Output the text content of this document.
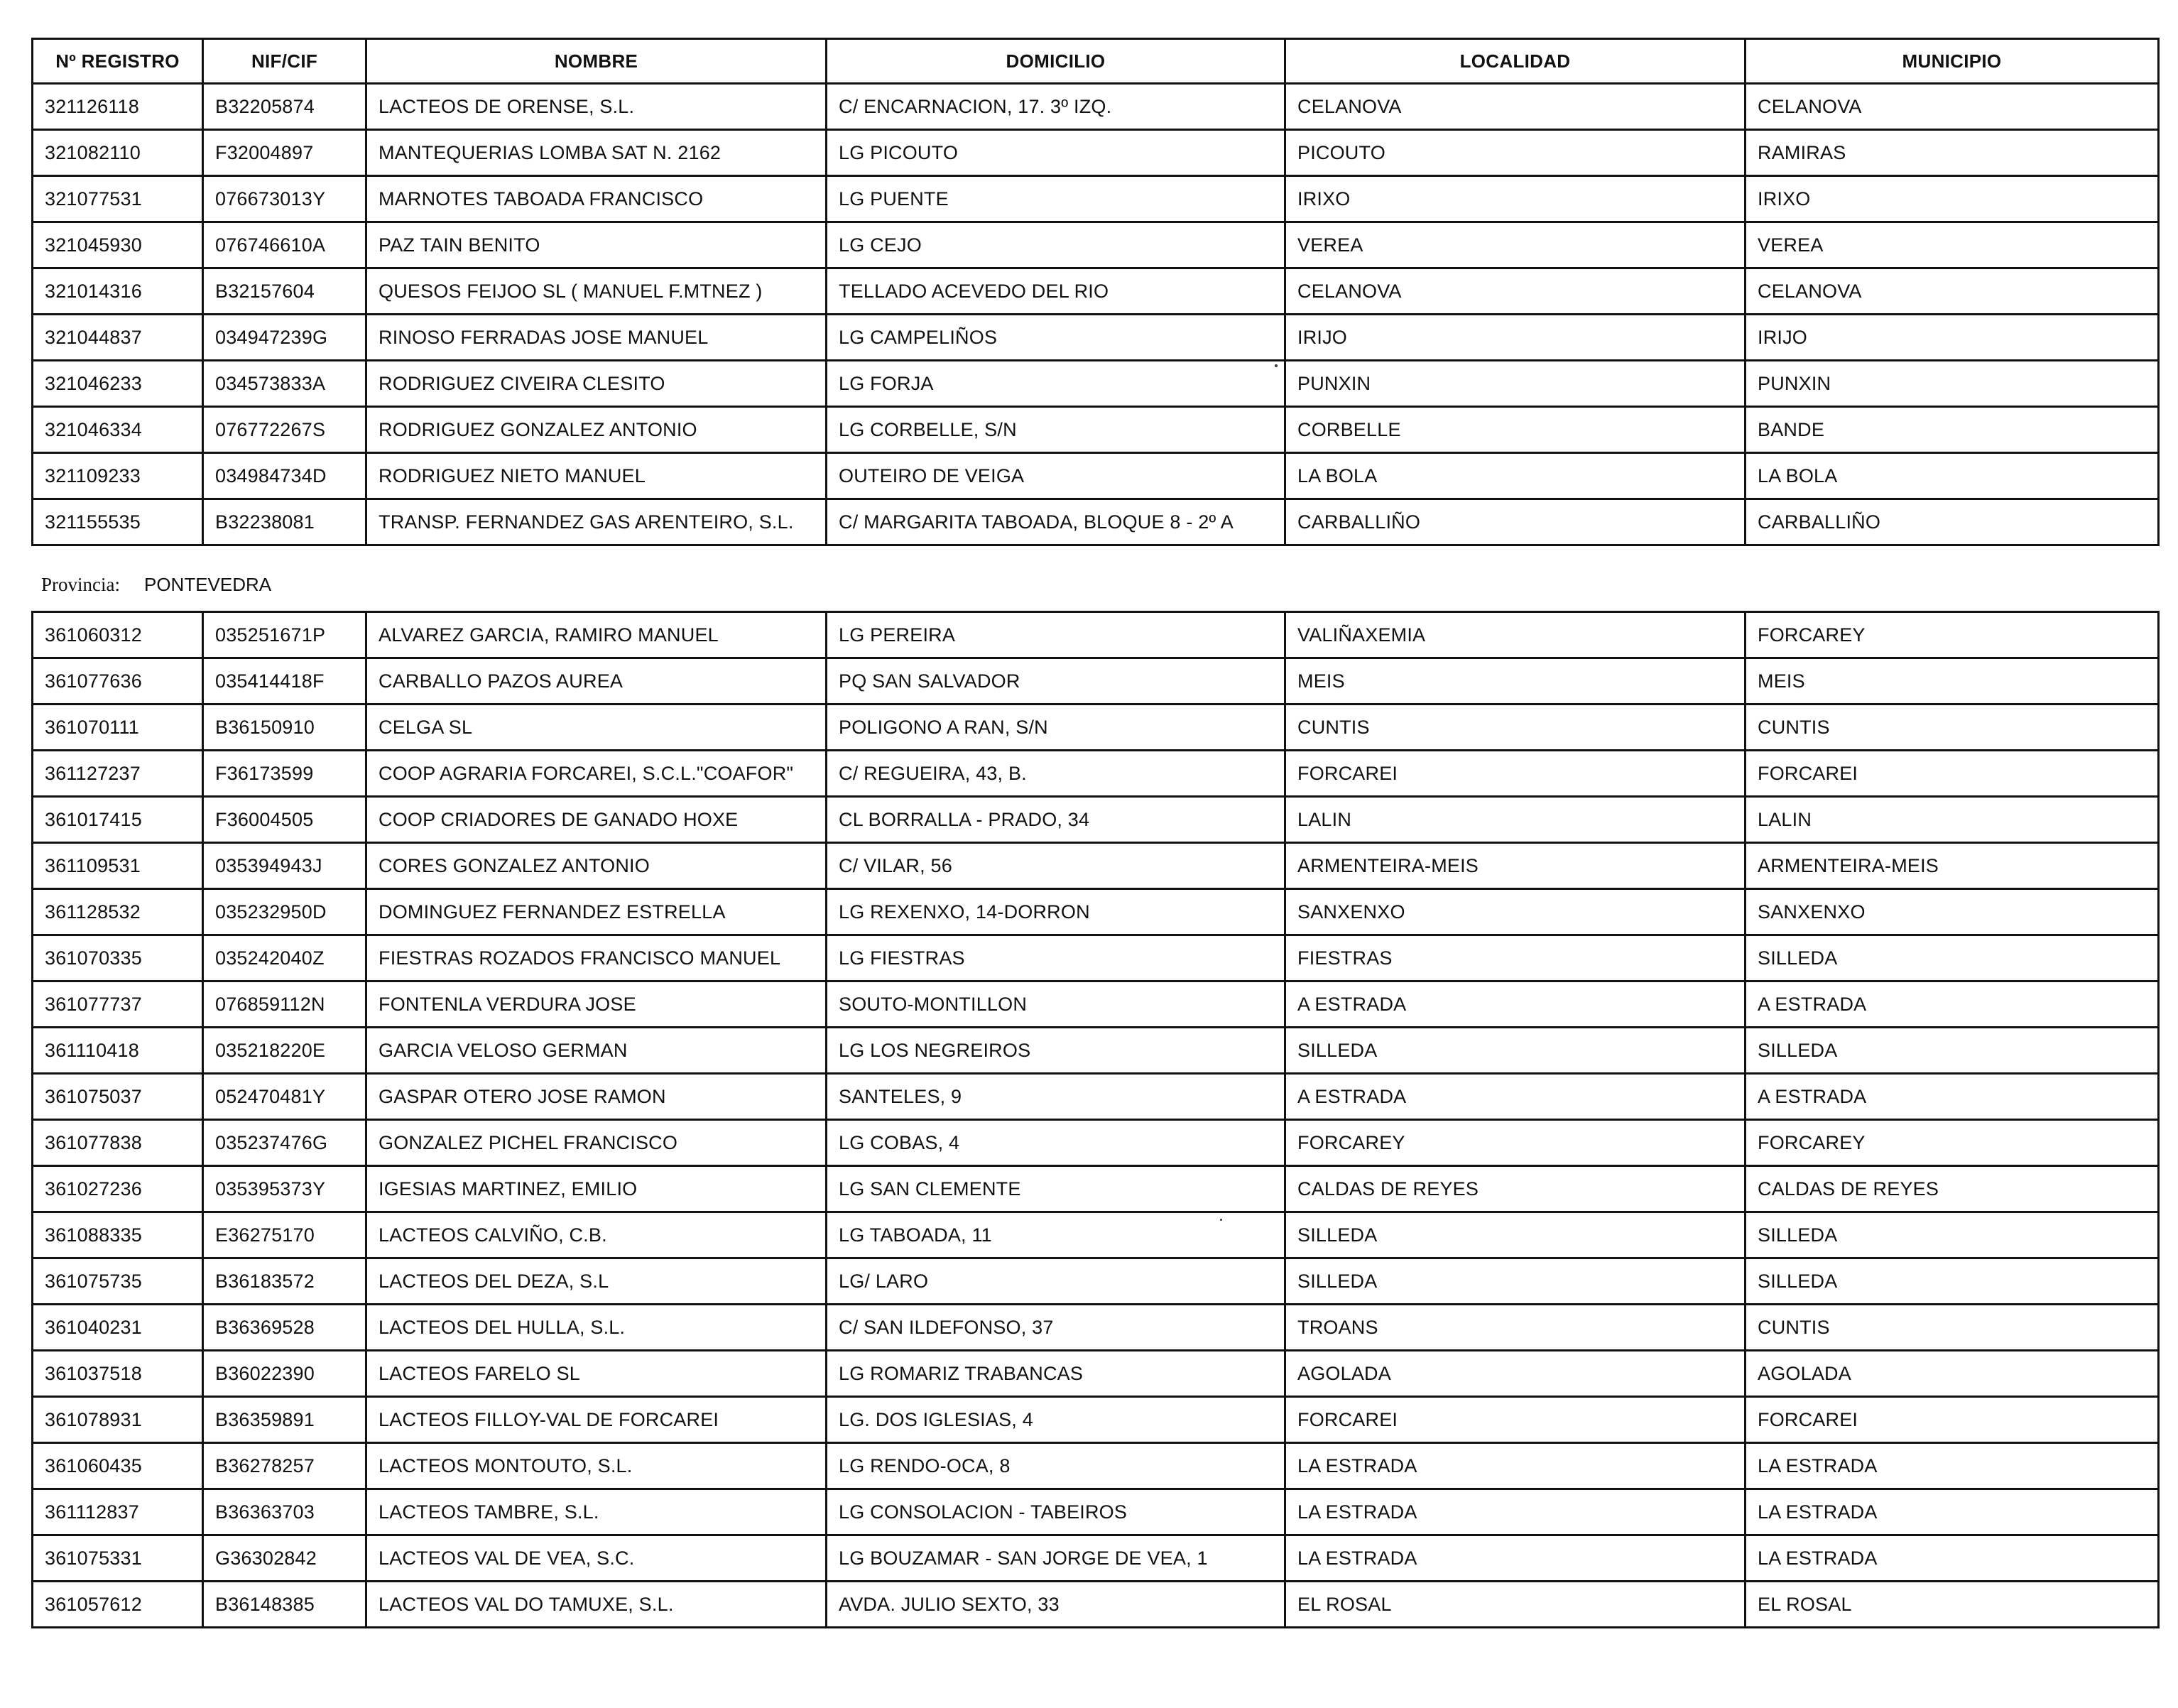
Nº REGISTRO	NIF/CIF	NOMBRE	DOMICILIO	LOCALIDAD	MUNICIPIO
321126118	B32205874	LACTEOS DE ORENSE, S.L.	C/ ENCARNACION, 17. 3º IZQ.	CELANOVA	CELANOVA
321082110	F32004897	MANTEQUERIAS LOMBA SAT N. 2162	LG PICOUTO	PICOUTO	RAMIRAS
321077531	076673013Y	MARNOTES TABOADA FRANCISCO	LG PUENTE	IRIXO	IRIXO
321045930	076746610A	PAZ TAIN BENITO	LG CEJO	VEREA	VEREA
321014316	B32157604	QUESOS FEIJOO SL ( MANUEL F.MTNEZ )	TELLADO ACEVEDO DEL RIO	CELANOVA	CELANOVA
321044837	034947239G	RINOSO FERRADAS JOSE MANUEL	LG CAMPELIÑOS	IRIJO	IRIJO
321046233	034573833A	RODRIGUEZ CIVEIRA CLESITO	LG FORJA	PUNXIN	PUNXIN
321046334	076772267S	RODRIGUEZ GONZALEZ ANTONIO	LG CORBELLE, S/N	CORBELLE	BANDE
321109233	034984734D	RODRIGUEZ NIETO MANUEL	OUTEIRO DE VEIGA	LA BOLA	LA BOLA
321155535	B32238081	TRANSP. FERNANDEZ GAS ARENTEIRO, S.L.	C/ MARGARITA TABOADA, BLOQUE 8 - 2º A	CARBALLIÑO	CARBALLIÑO
Provincia: PONTEVEDRA
361060312	035251671P	ALVAREZ GARCIA, RAMIRO MANUEL	LG PEREIRA	VALIÑAXEMIA	FORCAREY
361077636	035414418F	CARBALLO PAZOS AUREA	PQ SAN SALVADOR	MEIS	MEIS
361070111	B36150910	CELGA SL	POLIGONO A RAN, S/N	CUNTIS	CUNTIS
361127237	F36173599	COOP AGRARIA FORCAREI, S.C.L."COAFOR"	C/ REGUEIRA, 43, B.	FORCAREI	FORCAREI
361017415	F36004505	COOP CRIADORES DE GANADO HOXE	CL BORRALLA - PRADO, 34	LALIN	LALIN
361109531	035394943J	CORES GONZALEZ ANTONIO	C/ VILAR, 56	ARMENTEIRA-MEIS	ARMENTEIRA-MEIS
361128532	035232950D	DOMINGUEZ FERNANDEZ ESTRELLA	LG REXENXO, 14-DORRON	SANXENXO	SANXENXO
361070335	035242040Z	FIESTRAS ROZADOS FRANCISCO MANUEL	LG FIESTRAS	FIESTRAS	SILLEDA
361077737	076859112N	FONTENLA VERDURA JOSE	SOUTO-MONTILLON	A ESTRADA	A ESTRADA
361110418	035218220E	GARCIA VELOSO GERMAN	LG LOS NEGREIROS	SILLEDA	SILLEDA
361075037	052470481Y	GASPAR OTERO JOSE RAMON	SANTELES, 9	A ESTRADA	A ESTRADA
361077838	035237476G	GONZALEZ PICHEL FRANCISCO	LG COBAS, 4	FORCAREY	FORCAREY
361027236	035395373Y	IGESIAS MARTINEZ, EMILIO	LG SAN CLEMENTE	CALDAS DE REYES	CALDAS DE REYES
361088335	E36275170	LACTEOS CALVIÑO, C.B.	LG TABOADA, 11	SILLEDA	SILLEDA
361075735	B36183572	LACTEOS DEL DEZA, S.L	LG/ LARO	SILLEDA	SILLEDA
361040231	B36369528	LACTEOS DEL HULLA, S.L.	C/ SAN ILDEFONSO, 37	TROANS	CUNTIS
361037518	B36022390	LACTEOS FARELO SL	LG ROMARIZ TRABANCAS	AGOLADA	AGOLADA
361078931	B36359891	LACTEOS FILLOY-VAL DE FORCAREI	LG. DOS IGLESIAS, 4	FORCAREI	FORCAREI
361060435	B36278257	LACTEOS MONTOUTO, S.L.	LG RENDO-OCA, 8	LA ESTRADA	LA ESTRADA
361112837	B36363703	LACTEOS TAMBRE, S.L.	LG CONSOLACION - TABEIROS	LA ESTRADA	LA ESTRADA
361075331	G36302842	LACTEOS VAL DE VEA, S.C.	LG BOUZAMAR - SAN JORGE DE VEA, 1	LA ESTRADA	LA ESTRADA
361057612	B36148385	LACTEOS VAL DO TAMUXE, S.L.	AVDA. JULIO SEXTO, 33	EL ROSAL	EL ROSAL
